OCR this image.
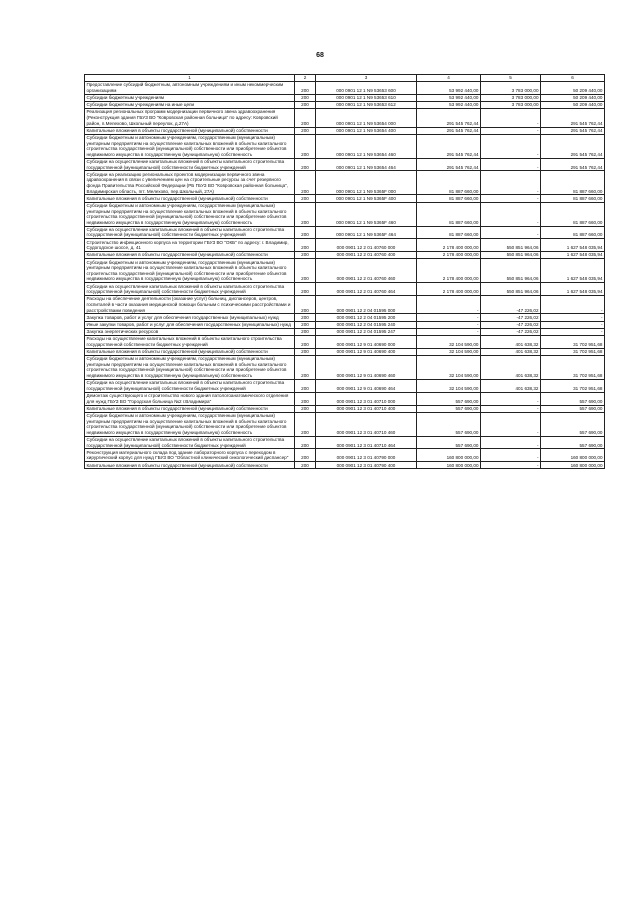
68
1	2	3	4	5	6
Предоставление субсидий бюджетным, автономным учреждениям и иным некоммерческим организациям	200	000 0901 12 1 N9 53653 600	53 992 440,00	3 783 000,00	50 209 440,00
Субсидии бюджетным учреждениям	200	000 0901 12 1 N9 53653 610	53 992 440,00	3 783 000,00	50 209 440,00
Субсидии бюджетным учреждениям на иные цели	200	000 0901 12 1 N9 53653 612	53 992 440,00	3 783 000,00	50 209 440,00
Реализация региональных программ модернизации первичного звена здравоохранения (Реконструкция здания ГБУЗ ВО "Ковровская районная больница" по адресу: Ковровский район, п.Мелехово, Школьный переулок, д.27А)	200	000 0901 12 1 N9 53654 000	291 545 762,44	-	291 545 762,44
Капитальные вложения в объекты государственной (муниципальной) собственности	200	000 0901 12 1 N9 53654 400	291 545 762,44	-	291 545 762,44
Субсидии бюджетным и автономным учреждениям, государственным (муниципальным) унитарным предприятиям на осуществление капитальных вложений в объекты капитального строительства государственной (муниципальной) собственности или приобретение объектов недвижимого имущества в государственную (муниципальную) собственность	200	000 0901 12 1 N9 53654 460	291 545 762,44	-	291 545 762,44
Субсидии на осуществление капитальных вложений в объекты капитального строительства государственной (муниципальной) собственности бюджетных учреждений	200	000 0901 12 1 N9 53654 464	291 545 762,44	-	291 545 762,44
Субсидии на реализацию региональных проектов модернизации первичного звена здравоохранения в связи с увеличением цен на строительные ресурсы за счет резервного фонда Правительства Российской Федерации (РБ ГБУЗ ВО "Ковровская районная больница", Владимирская область, пгт. Мелехово, пер.Школьный, 27А)	200	000 0901 12 1 N9 5365F 000	81 887 660,00	-	81 887 660,00
Капитальные вложения в объекты государственной (муниципальной) собственности	200	000 0901 12 1 N9 5365F 400	81 887 660,00	-	81 887 660,00
Субсидии бюджетным и автономным учреждениям, государственным (муниципальным) унитарным предприятиям на осуществление капитальных вложений в объекты капитального строительства государственной (муниципальной) собственности или приобретение объектов недвижимого имущества в государственную (муниципальную) собственность	200	000 0901 12 1 N9 5365F 460	81 887 660,00	-	81 887 660,00
Субсидии на осуществление капитальных вложений в объекты капитального строительства государственной (муниципальной) собственности бюджетных учреждений	200	000 0901 12 1 N9 5365F 464	81 887 660,00	-	81 887 660,00
Строительство инфекционного корпуса на территории ГБУЗ ВО "ОКБ" по адресу: г. Владимир, Судогодское шоссе, д. 41	200	000 0901 12 2 01 40760 000	2 178 400 000,00	550 851 964,06	1 627 548 035,94
Капитальные вложения в объекты государственной (муниципальной) собственности	200	000 0901 12 2 01 40760 400	2 178 400 000,00	550 851 964,06	1 627 548 035,94
Субсидии бюджетным и автономным учреждениям, государственным (муниципальным) унитарным предприятиям на осуществление капитальных вложений в объекты капитального строительства государственной (муниципальной) собственности или приобретение объектов недвижимого имущества в государственную (муниципальную) собственность	200	000 0901 12 2 01 40760 460	2 178 400 000,00	550 851 964,06	1 627 548 035,94
Субсидии на осуществление капитальных вложений в объекты капитального строительства государственной (муниципальной) собственности бюджетных учреждений	200	000 0901 12 2 01 40760 464	2 178 400 000,00	550 851 964,06	1 627 548 035,94
Расходы на обеспечение деятельности (оказание услуг) больниц, диспансеров, центров, госпиталей в части оказания медицинской помощи больным с психическими расстройствами и расстройствами поведения	200	000 0901 12 2 04 01595 000	-	-47 226,02	-
Закупка товаров, работ и услуг для обеспечения государственных (муниципальных) нужд	200	000 0901 12 2 04 01595 200	-	-47 226,02	-
Иные закупки товаров, работ и услуг для обеспечения государственных (муниципальных) нужд	200	000 0901 12 2 04 01595 240	-	-47 226,02	-
Закупка энергетических ресурсов	200	000 0901 12 2 04 01595 247	-	-47 226,02	-
Расходы на осуществление капитальных вложений в объекты капитального строительства государственной собственности бюджетных учреждений	200	000 0901 12 9 01 40690 000	32 104 590,00	401 638,32	31 702 951,68
Капитальные вложения в объекты государственной (муниципальной) собственности	200	000 0901 12 9 01 40690 400	32 104 590,00	401 638,32	31 702 951,68
Субсидии бюджетным и автономным учреждениям, государственным (муниципальным) унитарным предприятиям на осуществление капитальных вложений в объекты капитального строительства государственной (муниципальной) собственности или приобретение объектов недвижимого имущества в государственную (муниципальную) собственность	200	000 0901 12 9 01 40690 460	32 104 590,00	401 638,32	31 702 951,68
Субсидии на осуществление капитальных вложений в объекты капитального строительства государственной (муниципальной) собственности бюджетных учреждений	200	000 0901 12 9 01 40690 464	32 104 590,00	401 638,32	31 702 951,68
Демонтаж существующего и строительство нового здания патологоанатомического отделения для нужд ГБУЗ ВО "Городская больница №2 г.Владимира"	200	000 0901 12 3 01 40710 000	557 690,00	-	557 690,00
Капитальные вложения в объекты государственной (муниципальной) собственности	200	000 0901 12 3 01 40710 400	557 690,00	-	557 690,00
Субсидии бюджетным и автономным учреждениям, государственным (муниципальным) унитарным предприятиям на осуществление капитальных вложений в объекты капитального строительства государственной (муниципальной) собственности или приобретение объектов недвижимого имущества в государственную (муниципальную) собственность	200	000 0901 12 3 01 40710 460	557 690,00	-	557 690,00
Субсидии на осуществление капитальных вложений в объекты капитального строительства государственной (муниципальной) собственности бюджетных учреждений	200	000 0901 12 3 01 40710 464	557 690,00	-	557 690,00
Реконструкция материального склада под здание лабораторного корпуса с переходом в хирургический корпус для нужд ГБУЗ ВО "Областной клинический онкологический диспансер"	200	000 0901 12 3 01 40790 000	160 800 000,00	-	160 800 000,00
Капитальные вложения в объекты государственной (муниципальной) собственности	200	000 0901 12 3 01 40790 400	160 800 000,00	-	160 800 000,00
